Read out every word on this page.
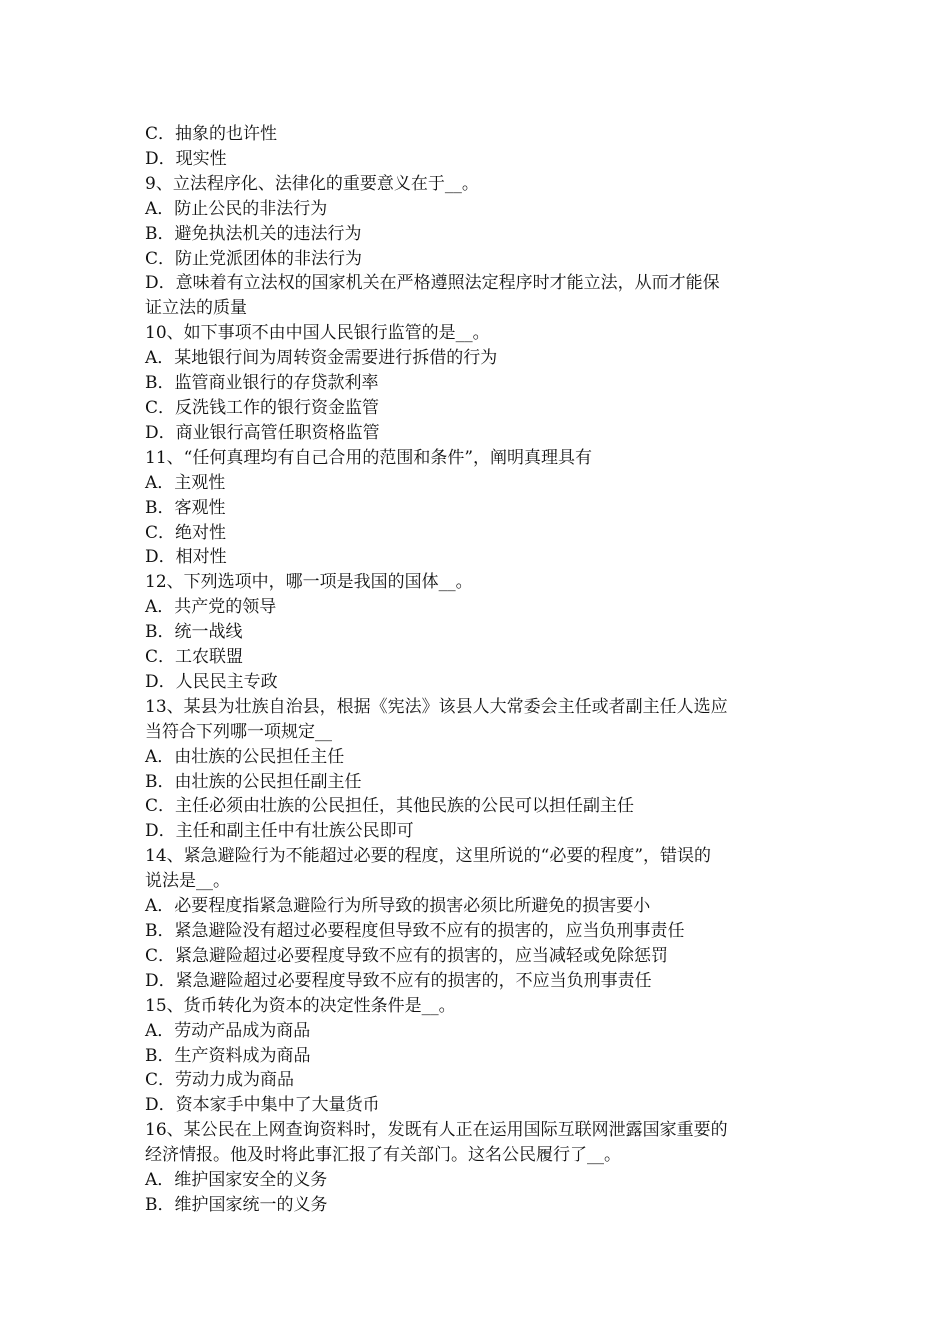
C．抽象的也许性
D．现实性
9、立法程序化、法律化的重要意义在于__。
A．防止公民的非法行为
B．避免执法机关的违法行为
C．防止党派团体的非法行为
D．意味着有立法权的国家机关在严格遵照法定程序时才能立法，从而才能保
证立法的质量
10、如下事项不由中国人民银行监管的是__。
A．某地银行间为周转资金需要进行拆借的行为
B．监管商业银行的存贷款利率
C．反洗钱工作的银行资金监管
D．商业银行高管任职资格监管
11、“任何真理均有自己合用的范围和条件”，阐明真理具有
A．主观性
B．客观性
C．绝对性
D．相对性
12、下列选项中，哪一项是我国的国体__。
A．共产党的领导
B．统一战线
C．工农联盟
D．人民民主专政
13、某县为壮族自治县，根据《宪法》该县人大常委会主任或者副主任人选应
当符合下列哪一项规定__
A．由壮族的公民担任主任
B．由壮族的公民担任副主任
C．主任必须由壮族的公民担任，其他民族的公民可以担任副主任
D．主任和副主任中有壮族公民即可
14、紧急避险行为不能超过必要的程度，这里所说的“必要的程度”，错误的
说法是__。
A．必要程度指紧急避险行为所导致的损害必须比所避免的损害要小
B．紧急避险没有超过必要程度但导致不应有的损害的，应当负刑事责任
C．紧急避险超过必要程度导致不应有的损害的，应当减轻或免除惩罚
D．紧急避险超过必要程度导致不应有的损害的，不应当负刑事责任
15、货币转化为资本的决定性条件是__。
A．劳动产品成为商品
B．生产资料成为商品
C．劳动力成为商品
D．资本家手中集中了大量货币
16、某公民在上网查询资料时，发既有人正在运用国际互联网泄露国家重要的
经济情报。他及时将此事汇报了有关部门。这名公民履行了__。
A．维护国家安全的义务
B．维护国家统一的义务
